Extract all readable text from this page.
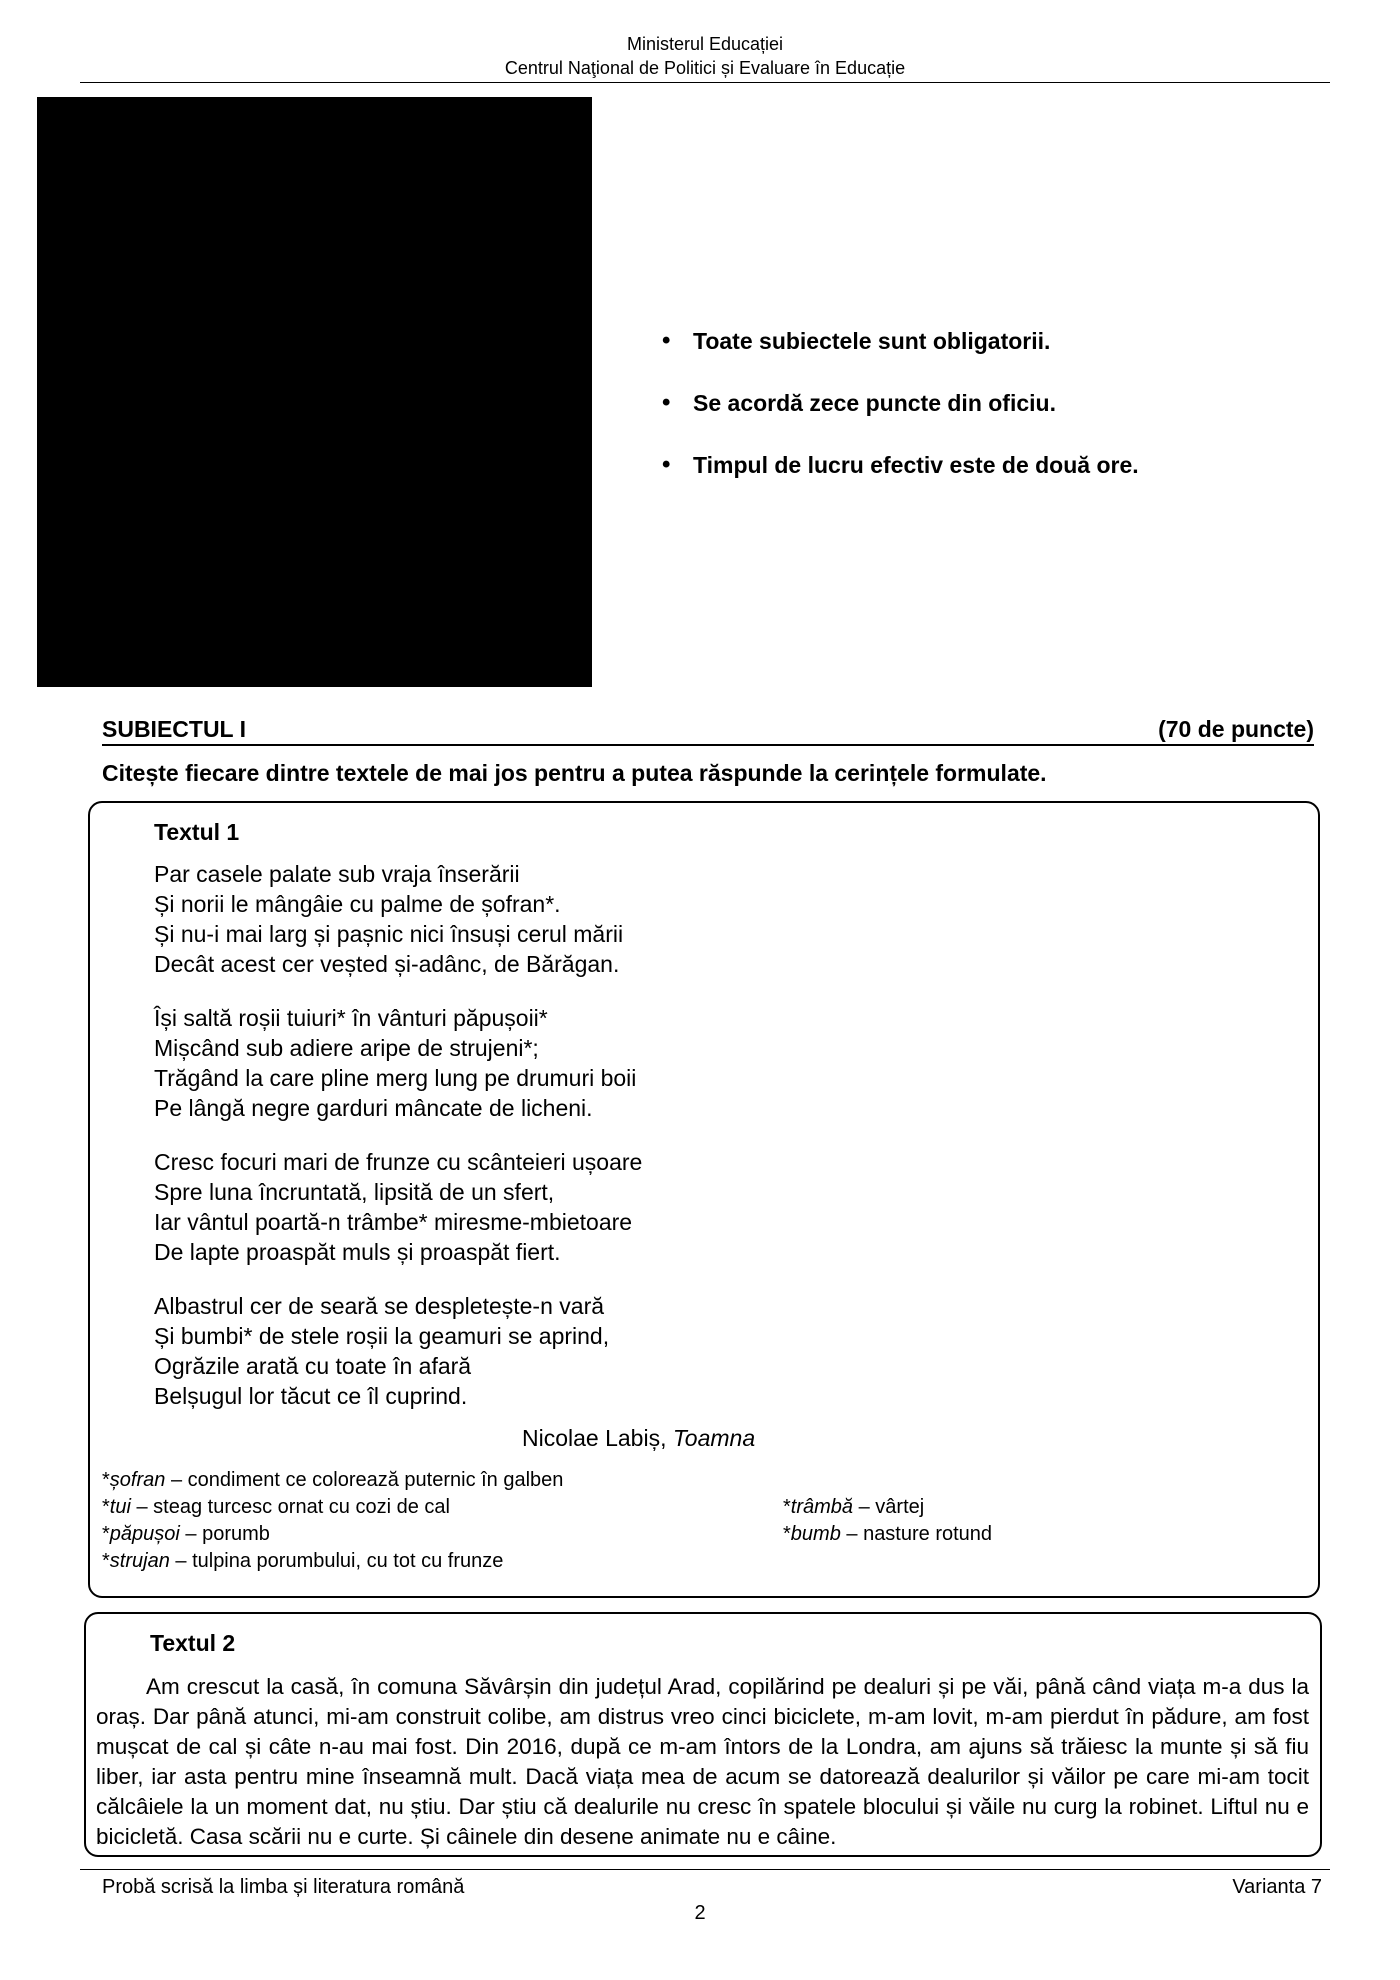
Ministerul Educației
Centrul Naţional de Politici și Evaluare în Educație
• Toate subiectele sunt obligatorii.
• Se acordă zece puncte din oficiu.
• Timpul de lucru efectiv este de două ore.
SUBIECTUL I	(70 de puncte)
Citește fiecare dintre textele de mai jos pentru a putea răspunde la cerințele formulate.
Textul 1
Par casele palate sub vraja înserării
Și norii le mângâie cu palme de șofran*.
Și nu-i mai larg și pașnic nici însuși cerul mării
Decât acest cer veșted și-adânc, de Bărăgan.
Își saltă roșii tuiuri* în vânturi păpușoii*
Mișcând sub adiere aripe de strujeni*;
Trăgând la care pline merg lung pe drumuri boii
Pe lângă negre garduri mâncate de licheni.
Cresc focuri mari de frunze cu scânteieri ușoare
Spre luna încruntată, lipsită de un sfert,
Iar vântul poartă-n trâmbe* miresme-mbietoare
De lapte proaspăt muls și proaspăt fiert.
Albastrul cer de seară se despletește-n vară
Și bumbi* de stele roșii la geamuri se aprind,
Ogrăzile arată cu toate în afară
Belșugul lor tăcut ce îl cuprind.
Nicolae Labiș, Toamna
*șofran – condiment ce colorează puternic în galben
*tui – steag turcesc ornat cu cozi de cal
*păpușoi – porumb
*strujan – tulpina porumbului, cu tot cu frunze
*trâmbă – vârtej
*bumb – nasture rotund
Textul 2
Am crescut la casă, în comuna Săvârșin din județul Arad, copilărind pe dealuri și pe văi, până când viața m-a dus la oraș. Dar până atunci, mi-am construit colibe, am distrus vreo cinci biciclete, m-am lovit, m-am pierdut în pădure, am fost mușcat de cal și câte n-au mai fost. Din 2016, după ce m-am întors de la Londra, am ajuns să trăiesc la munte și să fiu liber, iar asta pentru mine înseamnă mult. Dacă viața mea de acum se datorează dealurilor și văilor pe care mi-am tocit călcâiele la un moment dat, nu știu. Dar știu că dealurile nu cresc în spatele blocului și văile nu curg la robinet. Liftul nu e bicicletă. Casa scării nu e curte. Și câinele din desene animate nu e câine.
Probă scrisă la limba și literatura română	Varianta 7
2
